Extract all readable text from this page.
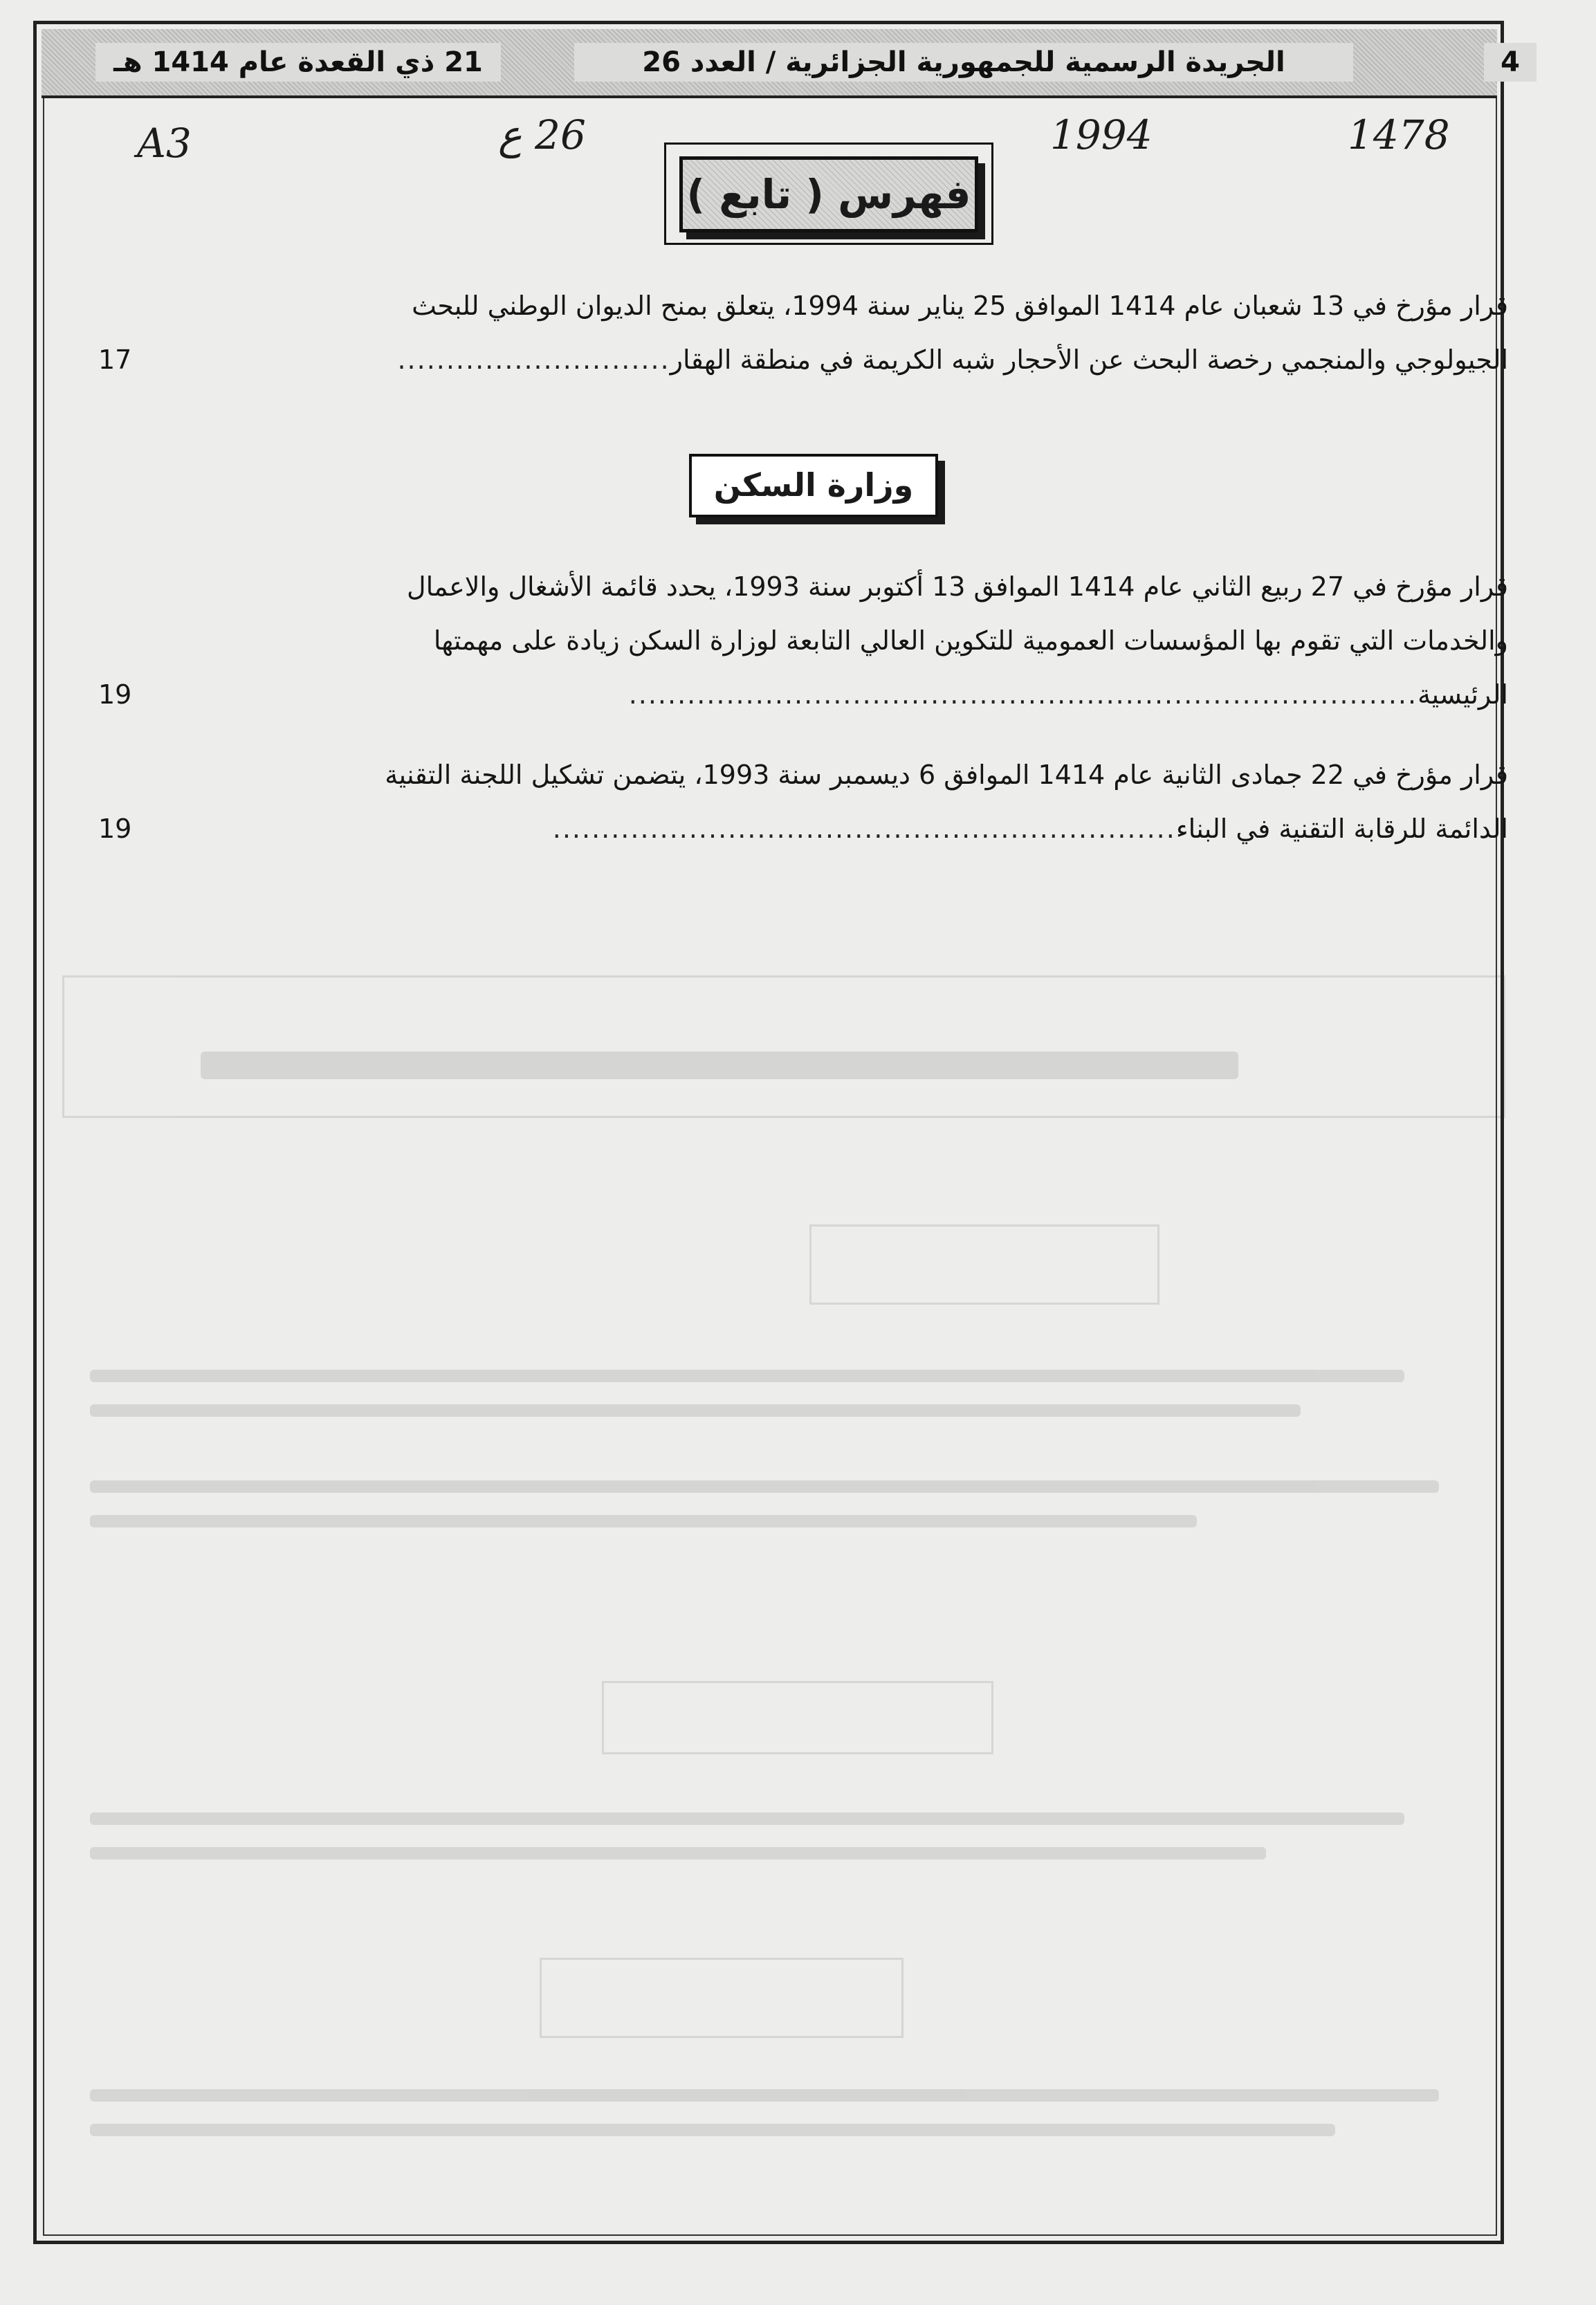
4
الجريدة الرسمية للجمهورية الجزائرية / العدد 26
21 ذي القعدة عام 1414 هـ
A3	26 ع	1994	1478
فهرس ( تابع )
قرار مؤرخ في 13 شعبان عام 1414 الموافق 25 يناير سنة 1994، يتعلق بمنح الديوان الوطني للبحث
الجيولوجي والمنجمي رخصة البحث عن الأحجار شبه الكريمة في منطقة الهقار............................
17
وزارة السكن
قرار مؤرخ في 27 ربيع الثاني عام 1414 الموافق 13 أكتوبر سنة 1993، يحدد قائمة الأشغال والاعمال
والخدمات التي تقوم بها المؤسسات العمومية للتكوين العالي التابعة لوزارة السكن زيادة على مهمتها
الرئيسية.................................................................................
19
قرار مؤرخ في 22 جمادى الثانية عام 1414 الموافق 6 ديسمبر سنة 1993، يتضمن تشكيل اللجنة التقنية
الدائمة للرقابة التقنية في البناء................................................................
19
